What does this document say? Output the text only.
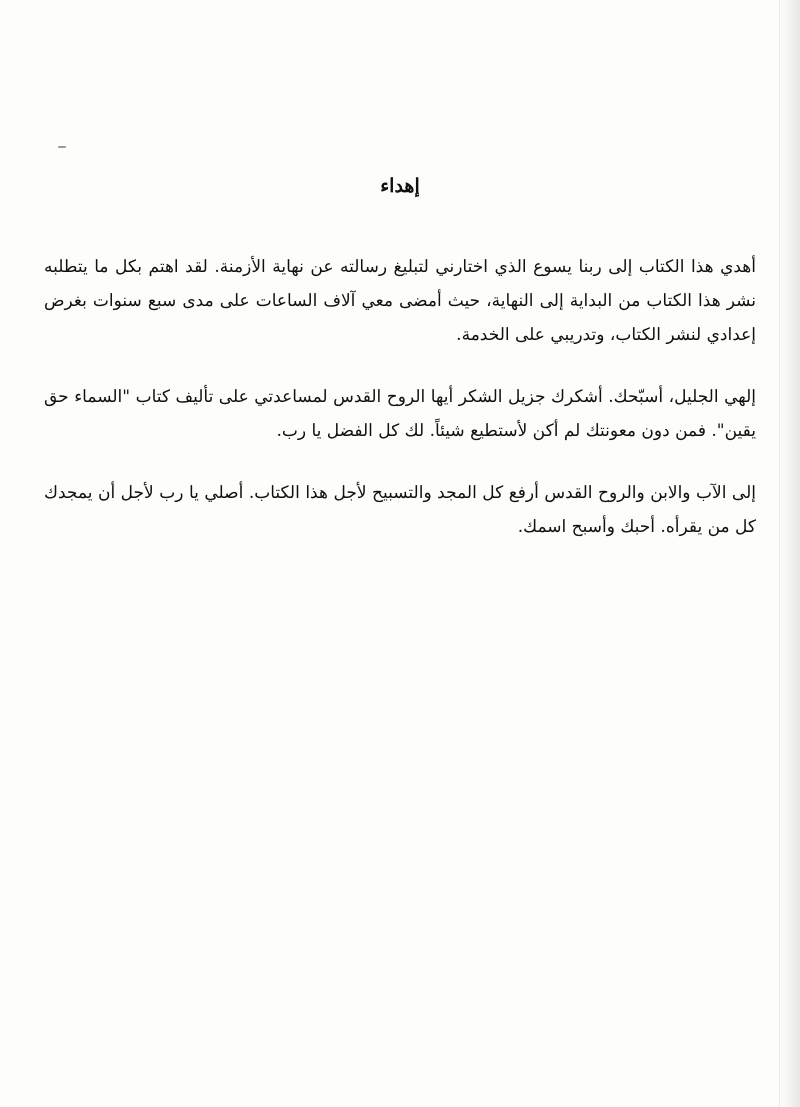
إهداء

أهدي هذا الكتاب إلى ربنا يسوع الذي اختارني لتبليغ رسالته عن نهاية الأزمنة. لقد اهتم بكل ما يتطلبه نشر هذا الكتاب من البداية إلى النهاية، حيث أمضى معي آلاف الساعات على مدى سبع سنوات بغرض إعدادي لنشر الكتاب، وتدريبي على الخدمة.

إلهي الجليل، أسبّحك. أشكرك جزيل الشكر أيها الروح القدس لمساعدتي على تأليف كتاب "السماء حق يقين". فمن دون معونتك لم أكن لأستطيع شيئاً. لك كل الفضل يا رب.

إلى الآب والابن والروح القدس أرفع كل المجد والتسبيح لأجل هذا الكتاب. أصلي يا رب لأجل أن يمجدك كل من يقرأه. أحبك وأسبح اسمك.
